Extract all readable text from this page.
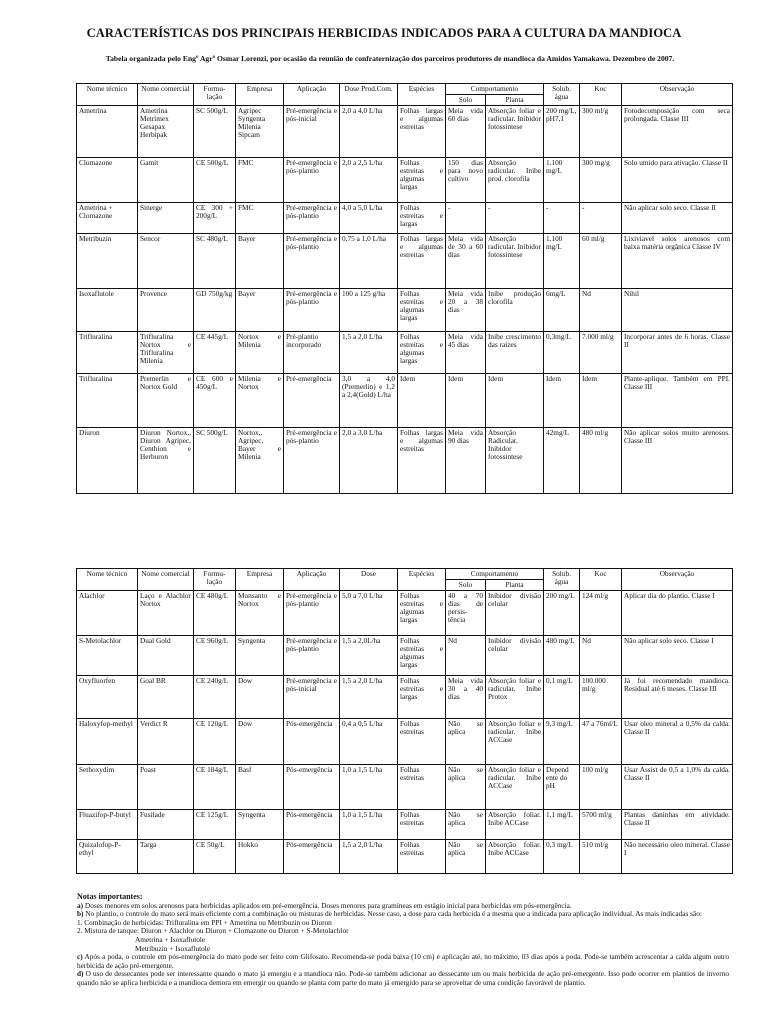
CARACTERÍSTICAS DOS PRINCIPAIS HERBICIDAS INDICADOS PARA A CULTURA DA MANDIOCA
Tabela organizada pelo Engº Agrº Osmar Lorenzi, por ocasião da reunião de confraternização dos parceiros produtores de mandioca da Amidos Yamakawa. Dezembro de 2007.
Nome técnico	Nome comercial	Formu-lação	Empresa	Aplicação	Dose Prod.Com.	Espécies	Comportamento		Solub. água	Koc	Observação
							Solo	Planta			
Ametrina	Ametrina Metrimex Gesapax Herbipak	SC 500g/L	Agripec Syngenta Milenia Sipcam	Pré-emergência e pós-inicial	2,0 a 4,0 L/ha	Folhas largas e algumas estreitas	Meia vida 60 dias	Absorção foliar e radicular. Inibidor fotossintese	200 mg/L, pH7,1	300 ml/g	Fotodecomposição com seca prolongada. Classe III
Clomazone	Gamit	CE 500g/L	FMC	Pré-emergência e pós-plantio	2,0 a 2,5 L/ha	Folhas estreitas e algumas largas	150 dias para novo cultivo	Absorção radicular. Inibe prod. clorofila	1.100 mg/L	300 mg/g	Solo umido para ativação. Classe II
Ametrina + Clomazone	Sinerge	CE 300 + 200g/L	FMC	Pré-emergência e pós-plantio	4,0 a 5,0 L/ha	Folhas estreitas e largas	-	-	-	-	Não aplicar solo seco. Classe II
Metribuzin	Sencor	SC 480g/L	Bayer	Pré-emergência e pós-plantio	0,75 a 1,0 L/ha	Folhas largas e algumas estreitas	Meia vida de 30 a 60 dias	Absorção radicular. Inibidor fotossintese	1.100 mg/L	60 ml/g	Lixiviavel solos arenosos com baixa matéria orgânica Classe IV
Isoxaflutole	Provence	GD 750g/kg	Bayer	Pré-emergência e pós-plantio	100 a 125 g/ha	Folhas estreitas e algumas largas	Meia vida 20 a 38 dias	Inibe produção clorofila	6mg/L	Nd	Nihil
Trifluralina	Trifluralina Nortox e Trifluralina Milenia	CE 445g/L	Nortox e Milenia	Pré-plantio incorporado	1,5 a 2,0 L/ha	Folhas estreitas e algumas largas	Meia vida 45 dias	Inibe crescimento das raizes	0,3mg/L	7.000 ml/g	Incorporar antes de 6 horas. Classe II
Trifluralina	Premerlin e Nortox Gold	CE 600 e 450g/L	Milenia e Nortox	Pré-emergência	3,0 a 4,0 (Premerlin) e 1,2 a 2,4(Gold) L/ha	Idem	Idem	Idem	Idem	Idem	Plante-aplique. Também em PPI. Classe III
Diuron	Diuron Nortox,, Diuron Agripec, Centhion e Herburon	SC 500g/L	Nortox,, Agripec, Bayer e Milenia	Pré-emergência e pós-plantio	2,0 a 3,0 L/ha	Folhas largas e algumas estreitas	Meia vida 90 dias	Absorção Radicular. Inibidor fotossintese	42mg/L	480 ml/g	Não aplicar solos muito arenosos. Classe III
Nome técnico	Nome comercial	Formu-lação	Empresa	Aplicação	Dose	Espécies	Comportamento		Solub. água	Koc	Observação
							Solo	Planta			
Alachlor	Laço e Alachlor Nortox	CE 480g/L	Monsanto e Nortox	Pré-emergência e pós-plantio	5,0 a 7,0 L/ha	Folhas estreitas e algumas largas	40 a 70 dias de persis-tência	Inibidor divisão celular	200 mg/L	124 ml/g	Aplicar dia do plantio. Classe I
S-Metolachlor	Dual Gold	CE 960g/L	Syngenta	Pré-emergência e pós-plantio	1,5 a 2,0L/ha	Folhas estreitas e algumas largas	Nd	Inibidor divisão celular	480 mg/L	Nd	Não aplicar solo seco. Classe I
Oxyfluorfen	Goal BR	CE 240g/L	Dow	Pré-emergência e pós-inicial	1,5 a 2,0 L/ha	Folhas estreitas e largas	Meia vida 30 a 40 dias	Absorção foliar e radicular. Inibe Protox	0,1 mg/L	100.000 ml/g	Já foi recomendado mandioca. Residual até 6 meses. Classe III
Haloxyfop-methyl	Verdict R	CE 120g/L	Dow	Pós-emergência	0,4 a 0,5 L/ha	Folhas estreitas	Não se aplica	Absorção foliar e radicular. Inibe ACCase	9,3 mg/L	47 a 76ml/L	Usar oleo mineral a 0,5% da calda. Classe II
Sethoxydim	Poast	CE 184g/L	Basf	Pós-emergência	1,0 a 1,5 L/ha	Folhas estreitas	Não se aplica	Absorção foliar e radicular. Inibe ACCase	Depend ente do pH	100 ml/g	Usar Assist de 0,5 a 1,0% da calda. Classe II
Fluazifop-P-butyl	Fusilade	CE 125g/L	Syngenta	Pós-emergência	1,0 a 1,5 L/ha	Folhas estreitas	Não se aplica	Absorção foliar. Inibe ACCase	1,1 mg/L	5700 ml/g	Plantas daninhas em atividade. Classe II
Quizalofop-P-ethyl	Targa	CE 50g/L	Hokko	Pós-emergência	1,5 a 2,0 L/ha	Folhas estreitas	Não se aplica	Absorção foliar. Inibe ACCase	0,3 mg/L	510 ml/g	Não necessário oleo mineral. Classe I
Notas importantes:

a) Doses menores em solos arenosos para herbicidas aplicados em pré-emergência. Doses menores para gramíneas em estágio inicial para herbicidas em pós-emergência.

b) No plantio, o controle do mato será mais eficiente com a combinação ou misturas de herbicidas. Nesse caso, a dose para cada herbicida é a mesma que a indicada para aplicação individual. As mais indicadas são:

1. Combinação de herbicidas: Trifluralina em PPI + Ametrina ou Metribuzin ou Diuron

2. Mistura de tanque: Diuron + Alachlor ou Diuron + Clomazone ou Diuron + S-Metolachlor

Ametrina + Isoxaflutole

Metribuzin + Isoxaflutole

c) Após a poda, o controle em pós-emergência do mato pode ser feito com Glifosato. Recomenda-se poda baixa (10 cm) e aplicação até, no máximo, 03 dias após a poda. Pode-se também acrescentar a calda algum outro herbicida de ação pré-emergente.

d) O uso de dessecantes pode ser interessante quando o mato já emergiu e a mandioca não. Pode-se também adicionar ao dessecante um ou mais herbicida de ação pré-emergente. Isso pode ocorrer em plantios de inverno quando não se aplica herbicida e a mandioca demora em emergir ou quando se planta com parte do mato já emergido para se aproveitar de uma condição favorável de plantio.
